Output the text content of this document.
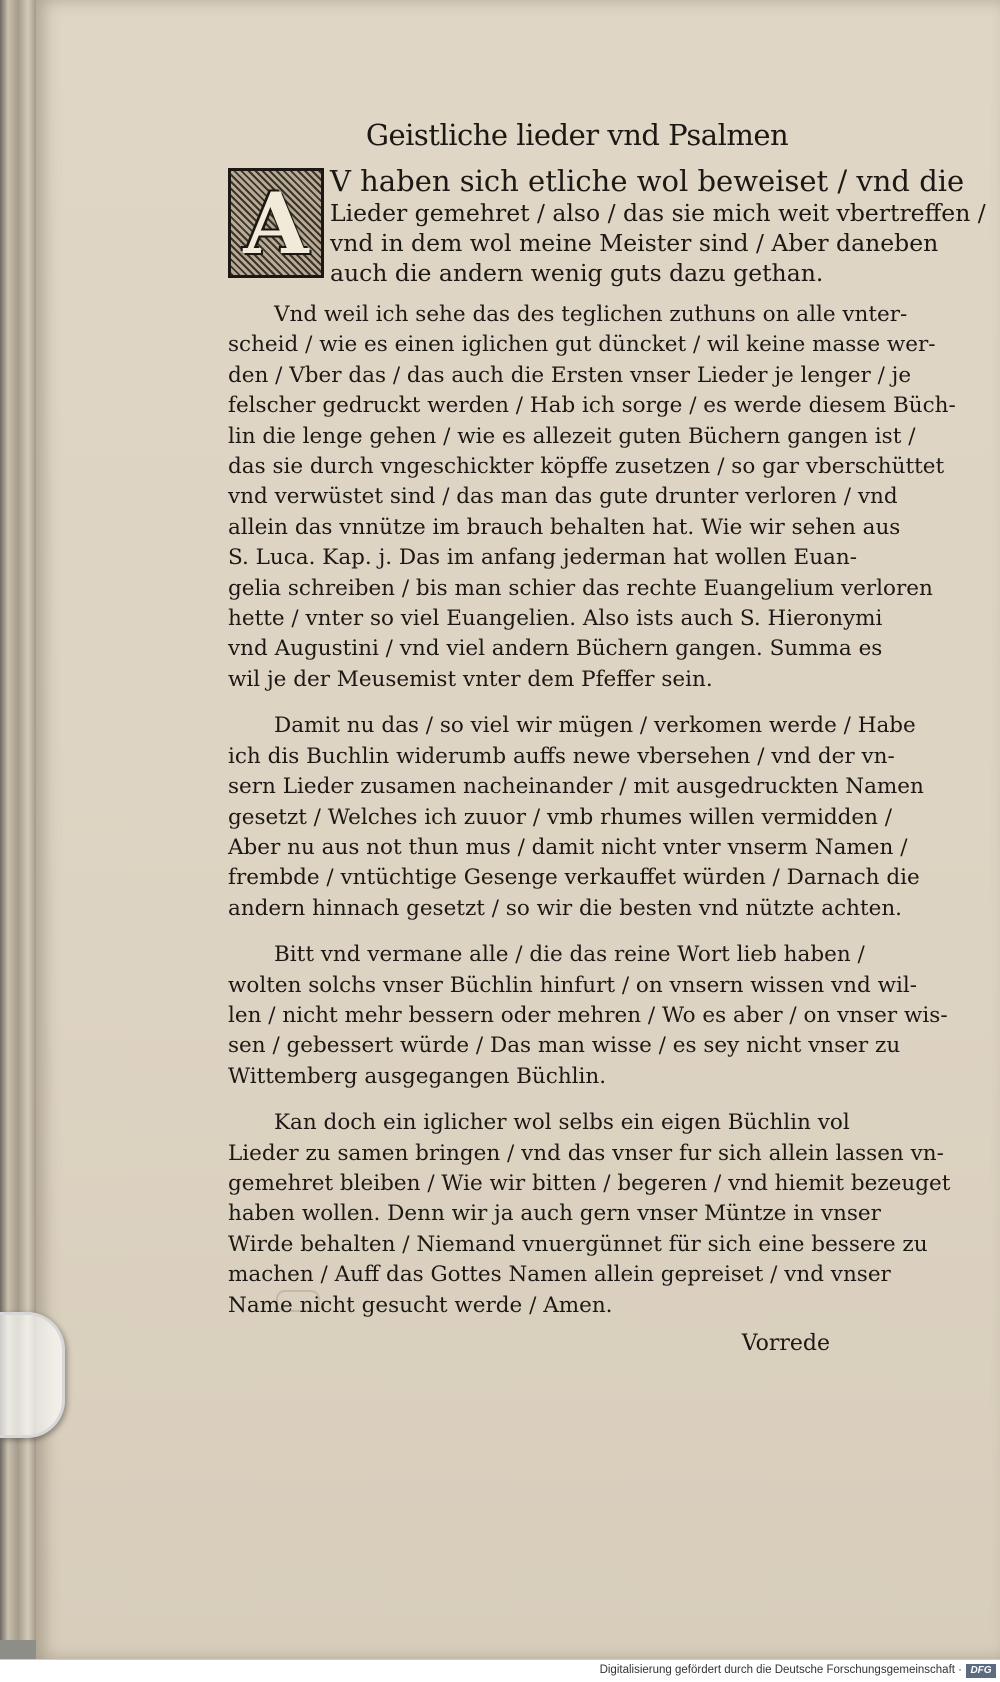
Geistliche lieder vnd Psalmen
A V haben sich etliche wol beweiset / vnd die
Lieder gemehret / also / das sie mich weit vbertreffen /
vnd in dem wol meine Meister sind / Aber daneben
auch die andern wenig guts dazu gethan.

Vnd weil ich sehe das des teglichen zuthuns on alle vnter-
scheid / wie es einen iglichen gut düncket / wil keine masse wer-
den / Vber das / das auch die Ersten vnser Lieder je lenger / je
felscher gedruckt werden / Hab ich sorge / es werde diesem Büch-
lin die lenge gehen / wie es allezeit guten Büchern gangen ist /
das sie durch vngeschickter köpffe zusetzen / so gar vberschüttet
vnd verwüstet sind / das man das gute drunter verloren / vnd
allein das vnnütze im brauch behalten hat. Wie wir sehen aus
S. Luca. Kap. j. Das im anfang jederman hat wollen Euan-
gelia schreiben / bis man schier das rechte Euangelium verloren
hette / vnter so viel Euangelien. Also ists auch S. Hieronymi
vnd Augustini / vnd viel andern Büchern gangen. Summa es
wil je der Meusemist vnter dem Pfeffer sein.

Damit nu das / so viel wir mügen / verkomen werde / Habe
ich dis Buchlin widerumb auffs newe vbersehen / vnd der vn-
sern Lieder zusamen nacheinander / mit ausgedruckten Namen
gesetzt / Welches ich zuuor / vmb rhumes willen vermidden /
Aber nu aus not thun mus / damit nicht vnter vnserm Namen /
frembde / vntüchtige Gesenge verkauffet würden / Darnach die
andern hinnach gesetzt / so wir die besten vnd nützte achten.

Bitt vnd vermane alle / die das reine Wort lieb haben /
wolten solchs vnser Büchlin hinfurt / on vnsern wissen vnd wil-
len / nicht mehr bessern oder mehren / Wo es aber / on vnser wis-
sen / gebessert würde / Das man wisse / es sey nicht vnser zu
Wittemberg ausgegangen Büchlin.

Kan doch ein iglicher wol selbs ein eigen Büchlin vol
Lieder zu samen bringen / vnd das vnser fur sich allein lassen vn-
gemehret bleiben / Wie wir bitten / begeren / vnd hiemit bezeuget
haben wollen. Denn wir ja auch gern vnser Müntze in vnser
Wirde behalten / Niemand vnuergünnet für sich eine bessere zu
machen / Auff das Gottes Namen allein gepreiset / vnd vnser
Name nicht gesucht werde / Amen.

Vorrede
Digitalisierung gefördert durch die Deutsche Forschungsgemeinschaft · DFG
